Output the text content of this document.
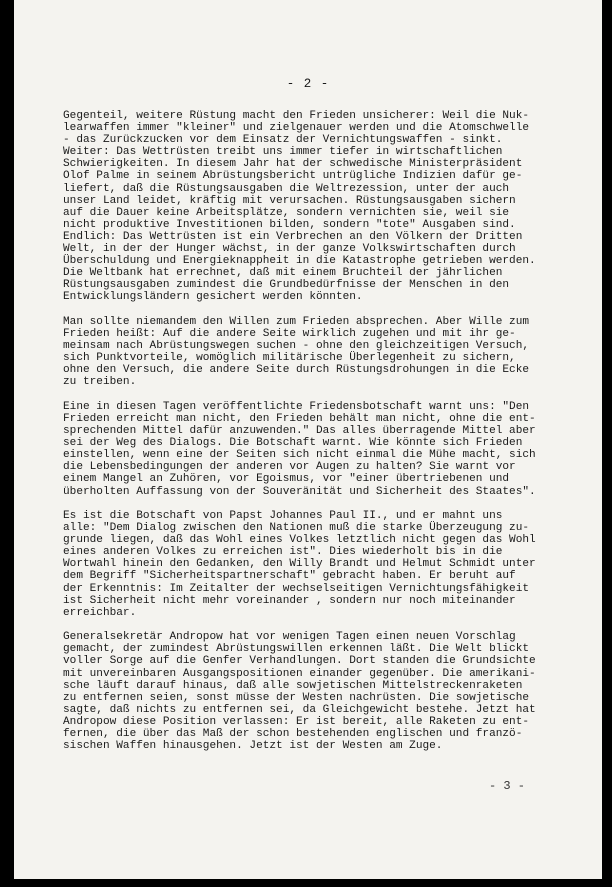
- 2 -
Gegenteil, weitere Rüstung macht den Frieden unsicherer: Weil die Nuk-
learwaffen immer "kleiner" und zielgenauer werden und die Atomschwelle
- das Zurückzucken vor dem Einsatz der Vernichtungswaffen - sinkt.
Weiter: Das Wettrüsten treibt uns immer tiefer in wirtschaftlichen
Schwierigkeiten. In diesem Jahr hat der schwedische Ministerpräsident
Olof Palme in seinem Abrüstungsbericht untrügliche Indizien dafür ge-
liefert, daß die Rüstungsausgaben die Weltrezession, unter der auch
unser Land leidet, kräftig mit verursachen. Rüstungsausgaben sichern
auf die Dauer keine Arbeitsplätze, sondern vernichten sie, weil sie
nicht produktive Investitionen bilden, sondern "tote" Ausgaben sind.
Endlich: Das Wettrüsten ist ein Verbrechen an den Völkern der Dritten
Welt, in der der Hunger wächst, in der ganze Volkswirtschaften durch
Überschuldung und Energieknappheit in die Katastrophe getrieben werden.
Die Weltbank hat errechnet, daß mit einem Bruchteil der jährlichen
Rüstungsausgaben zumindest die Grundbedürfnisse der Menschen in den
Entwicklungsländern gesichert werden könnten.
Man sollte niemandem den Willen zum Frieden absprechen. Aber Wille zum
Frieden heißt: Auf die andere Seite wirklich zugehen und mit ihr ge-
meinsam nach Abrüstungswegen suchen - ohne den gleichzeitigen Versuch,
sich Punktvorteile, womöglich militärische Überlegenheit zu sichern,
ohne den Versuch, die andere Seite durch Rüstungsdrohungen in die Ecke
zu treiben.
Eine in diesen Tagen veröffentlichte Friedensbotschaft warnt uns: "Den
Frieden erreicht man nicht, den Frieden behält man nicht, ohne die ent-
sprechenden Mittel dafür anzuwenden." Das alles überragende Mittel aber
sei der Weg des Dialogs. Die Botschaft warnt. Wie könnte sich Frieden
einstellen, wenn eine der Seiten sich nicht einmal die Mühe macht, sich
die Lebensbedingungen der anderen vor Augen zu halten? Sie warnt vor
einem Mangel an Zuhören, vor Egoismus, vor "einer übertriebenen und
überholten Auffassung von der Souveränität und Sicherheit des Staates".
Es ist die Botschaft von Papst Johannes Paul II., und er mahnt uns
alle: "Dem Dialog zwischen den Nationen muß die starke Überzeugung zu-
grunde liegen, daß das Wohl eines Volkes letztlich nicht gegen das Wohl
eines anderen Volkes zu erreichen ist". Dies wiederholt bis in die
Wortwahl hinein den Gedanken, den Willy Brandt und Helmut Schmidt unter
dem Begriff "Sicherheitspartnerschaft" gebracht haben. Er beruht auf
der Erkenntnis: Im Zeitalter der wechselseitigen Vernichtungsfähigkeit
ist Sicherheit nicht mehr voreinander , sondern nur noch miteinander
erreichbar.
Generalsekretär Andropow hat vor wenigen Tagen einen neuen Vorschlag
gemacht, der zumindest Abrüstungswillen erkennen läßt. Die Welt blickt
voller Sorge auf die Genfer Verhandlungen. Dort standen die Grundsichte
mit unvereinbaren Ausgangspositionen einander gegenüber. Die amerikani-
sche läuft darauf hinaus, daß alle sowjetischen Mittelstreckenraketen
zu entfernen seien, sonst müsse der Westen nachrüsten. Die sowjetische
sagte, daß nichts zu entfernen sei, da Gleichgewicht bestehe. Jetzt hat
Andropow diese Position verlassen: Er ist bereit, alle Raketen zu ent-
fernen, die über das Maß der schon bestehenden englischen und franzö-
sischen Waffen hinausgehen. Jetzt ist der Westen am Zuge.
- 3 -
